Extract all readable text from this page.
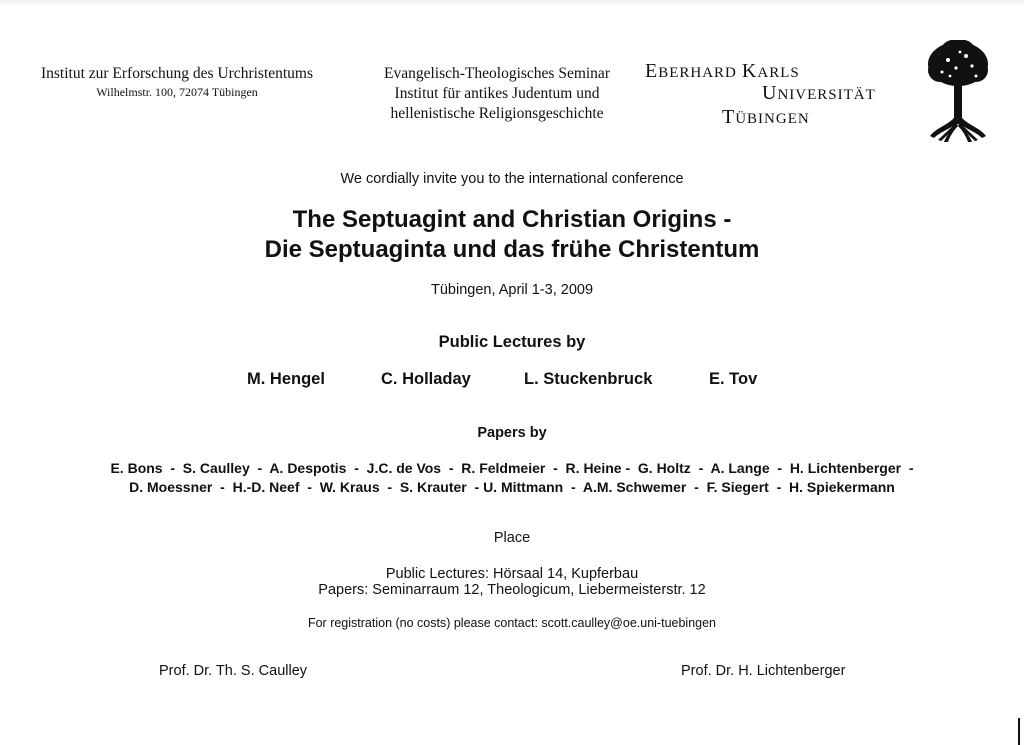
Institut zur Erforschung des Urchristentums
Wilhelmstr. 100, 72074 Tübingen
Evangelisch-Theologisches Seminar
Institut für antikes Judentum und
hellenistische Religionsgeschichte
EBERHARD KARLS
UNIVERSITÄT
TÜBINGEN
We cordially invite you to the international conference
The Septuagint and Christian Origins -
Die Septuaginta und das frühe Christentum
Tübingen, April 1-3, 2009
Public Lectures by
M. Hengel	C. Holladay	L. Stuckenbruck	E. Tov
Papers by
E. Bons  -  S. Caulley  -  A. Despotis  -  J.C. de Vos  -  R. Feldmeier  -  R. Heine -  G. Holtz  -  A. Lange  -  H. Lichtenberger  -
D. Moessner  -  H.-D. Neef  -  W. Kraus  -  S. Krauter  - U. Mittmann  -  A.M. Schwemer  -  F. Siegert  -  H. Spiekermann
Place
Public Lectures: Hörsaal 14, Kupferbau
Papers: Seminarraum 12, Theologicum, Liebermeisterstr. 12
For registration (no costs) please contact: scott.caulley@oe.uni-tuebingen
Prof. Dr. Th. S. Caulley	Prof. Dr. H. Lichtenberger
